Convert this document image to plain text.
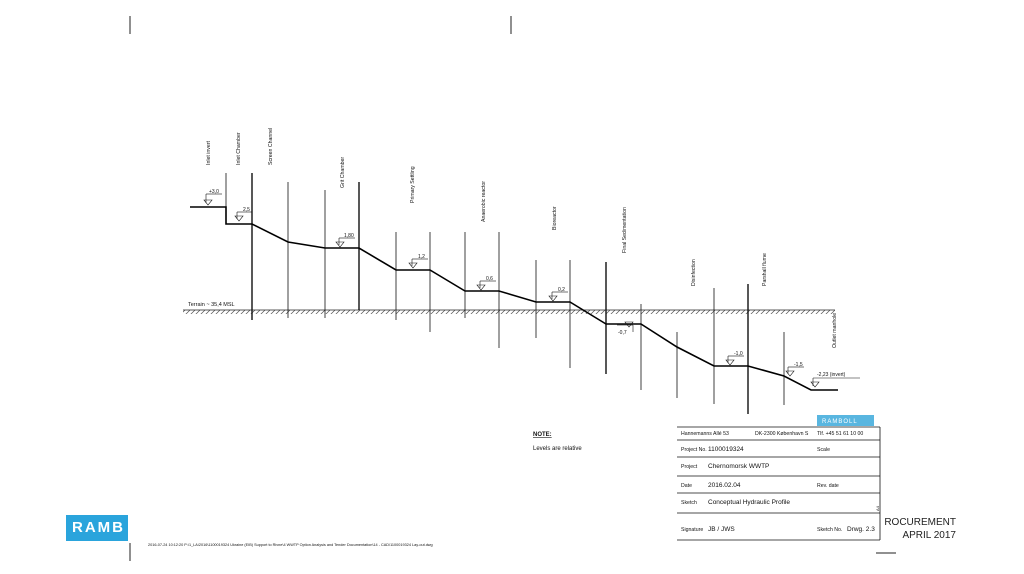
Terrain ~ 35,4 MSL
Inlet invert	Inlet Chamber	Screen Channel
Grit Chamber	Primary Settling	Anaerobic reactor	Bioreactor	Final Sedimentation
Disinfection	Parshall flume
Outlet manhole
+3,0
2,5
1,80
1,2
0,6
0,2
-0,7
-1,0
-1,5
-2,23 (invert)
NOTE:
Levels are relative
RAMBOLL
Hannemanns Allé 53	DK-2300 København S Tlf. +45 51 61 10 00
Project No. 1100019324	Scale
Project Chernomorsk WWTP
Date 2016.02.04	Rev. date
Sketch Conceptual Hydraulic Profile
Signature JB / JWS	Sketch No. Drwg. 2.3
A4
2016-07-24 10:12:20 P:\1_LA\2016\1100019324 Ukraine (EIB) Support to Rivne\4 WWTP Option Analysis and Tender Documentation\14 - CAD\1100019324 Lay-out.dwg
RAMB	ROCUREMENT
APRIL 2017
